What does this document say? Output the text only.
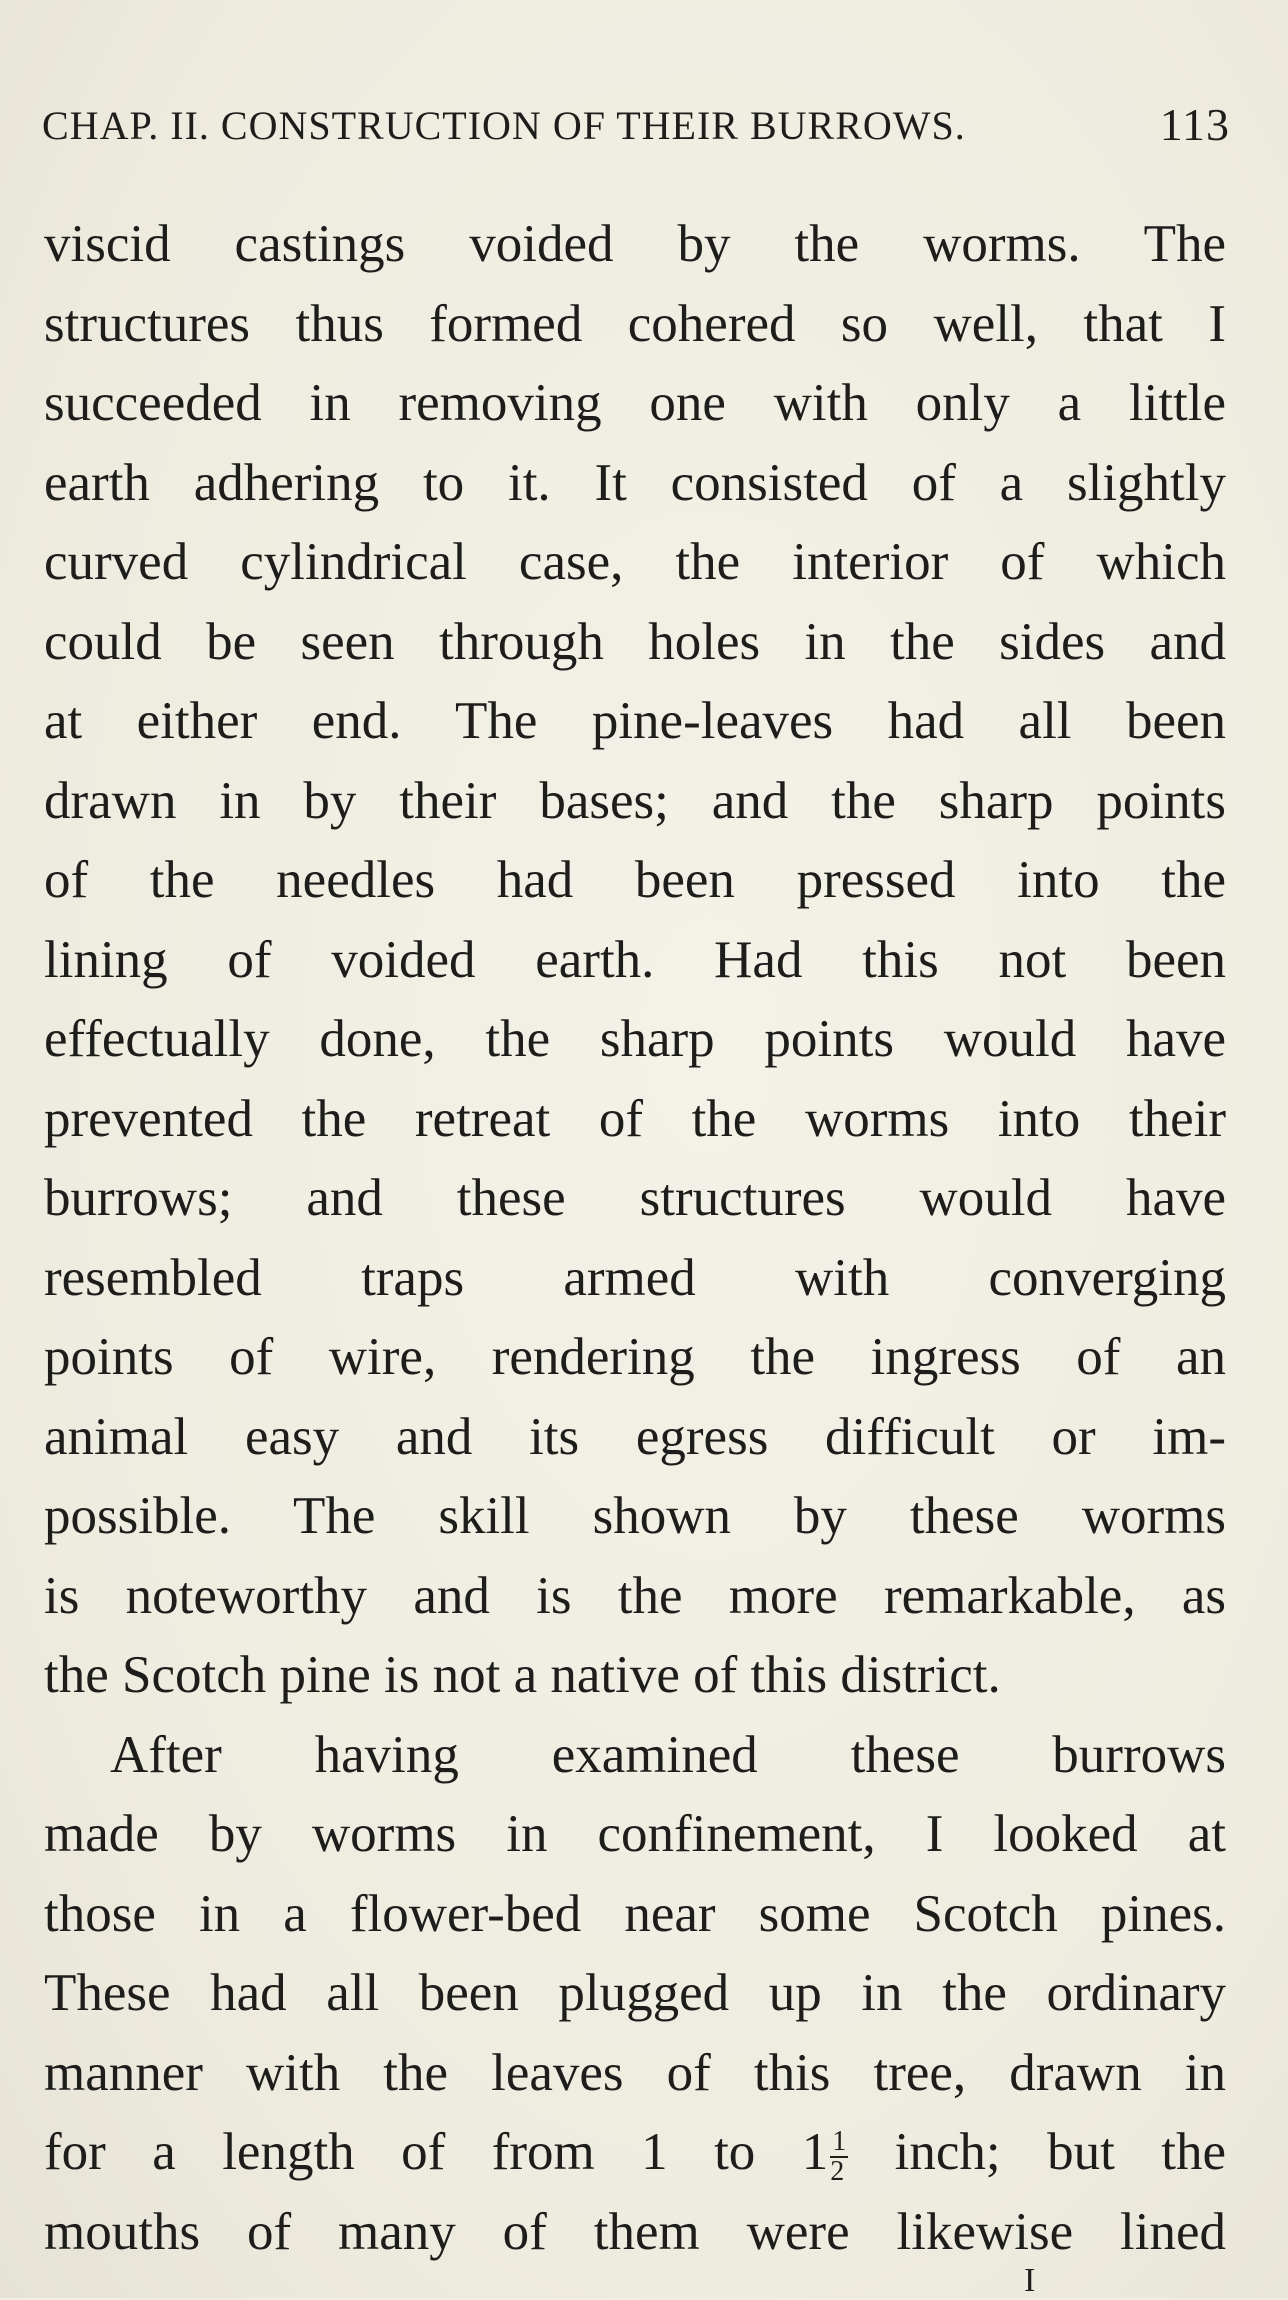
CHAP. II. CONSTRUCTION OF THEIR BURROWS.	113
viscid castings voided by the worms. The
structures thus formed cohered so well, that I
succeeded in removing one with only a little
earth adhering to it. It consisted of a slightly
curved cylindrical case, the interior of which
could be seen through holes in the sides and
at either end. The pine-leaves had all been
drawn in by their bases; and the sharp points
of the needles had been pressed into the
lining of voided earth. Had this not been
effectually done, the sharp points would have
prevented the retreat of the worms into their
burrows; and these structures would have
resembled traps armed with converging
points of wire, rendering the ingress of an
animal easy and its egress difficult or im-
possible. The skill shown by these worms
is noteworthy and is the more remarkable, as
the Scotch pine is not a native of this district.
After having examined these burrows
made by worms in confinement, I looked at
those in a flower-bed near some Scotch pines.
These had all been plugged up in the ordinary
manner with the leaves of this tree, drawn in
for a length of from 1 to $1 \frac{1}{2}$ inch; but the
mouths of many of them were likewise lined
I
